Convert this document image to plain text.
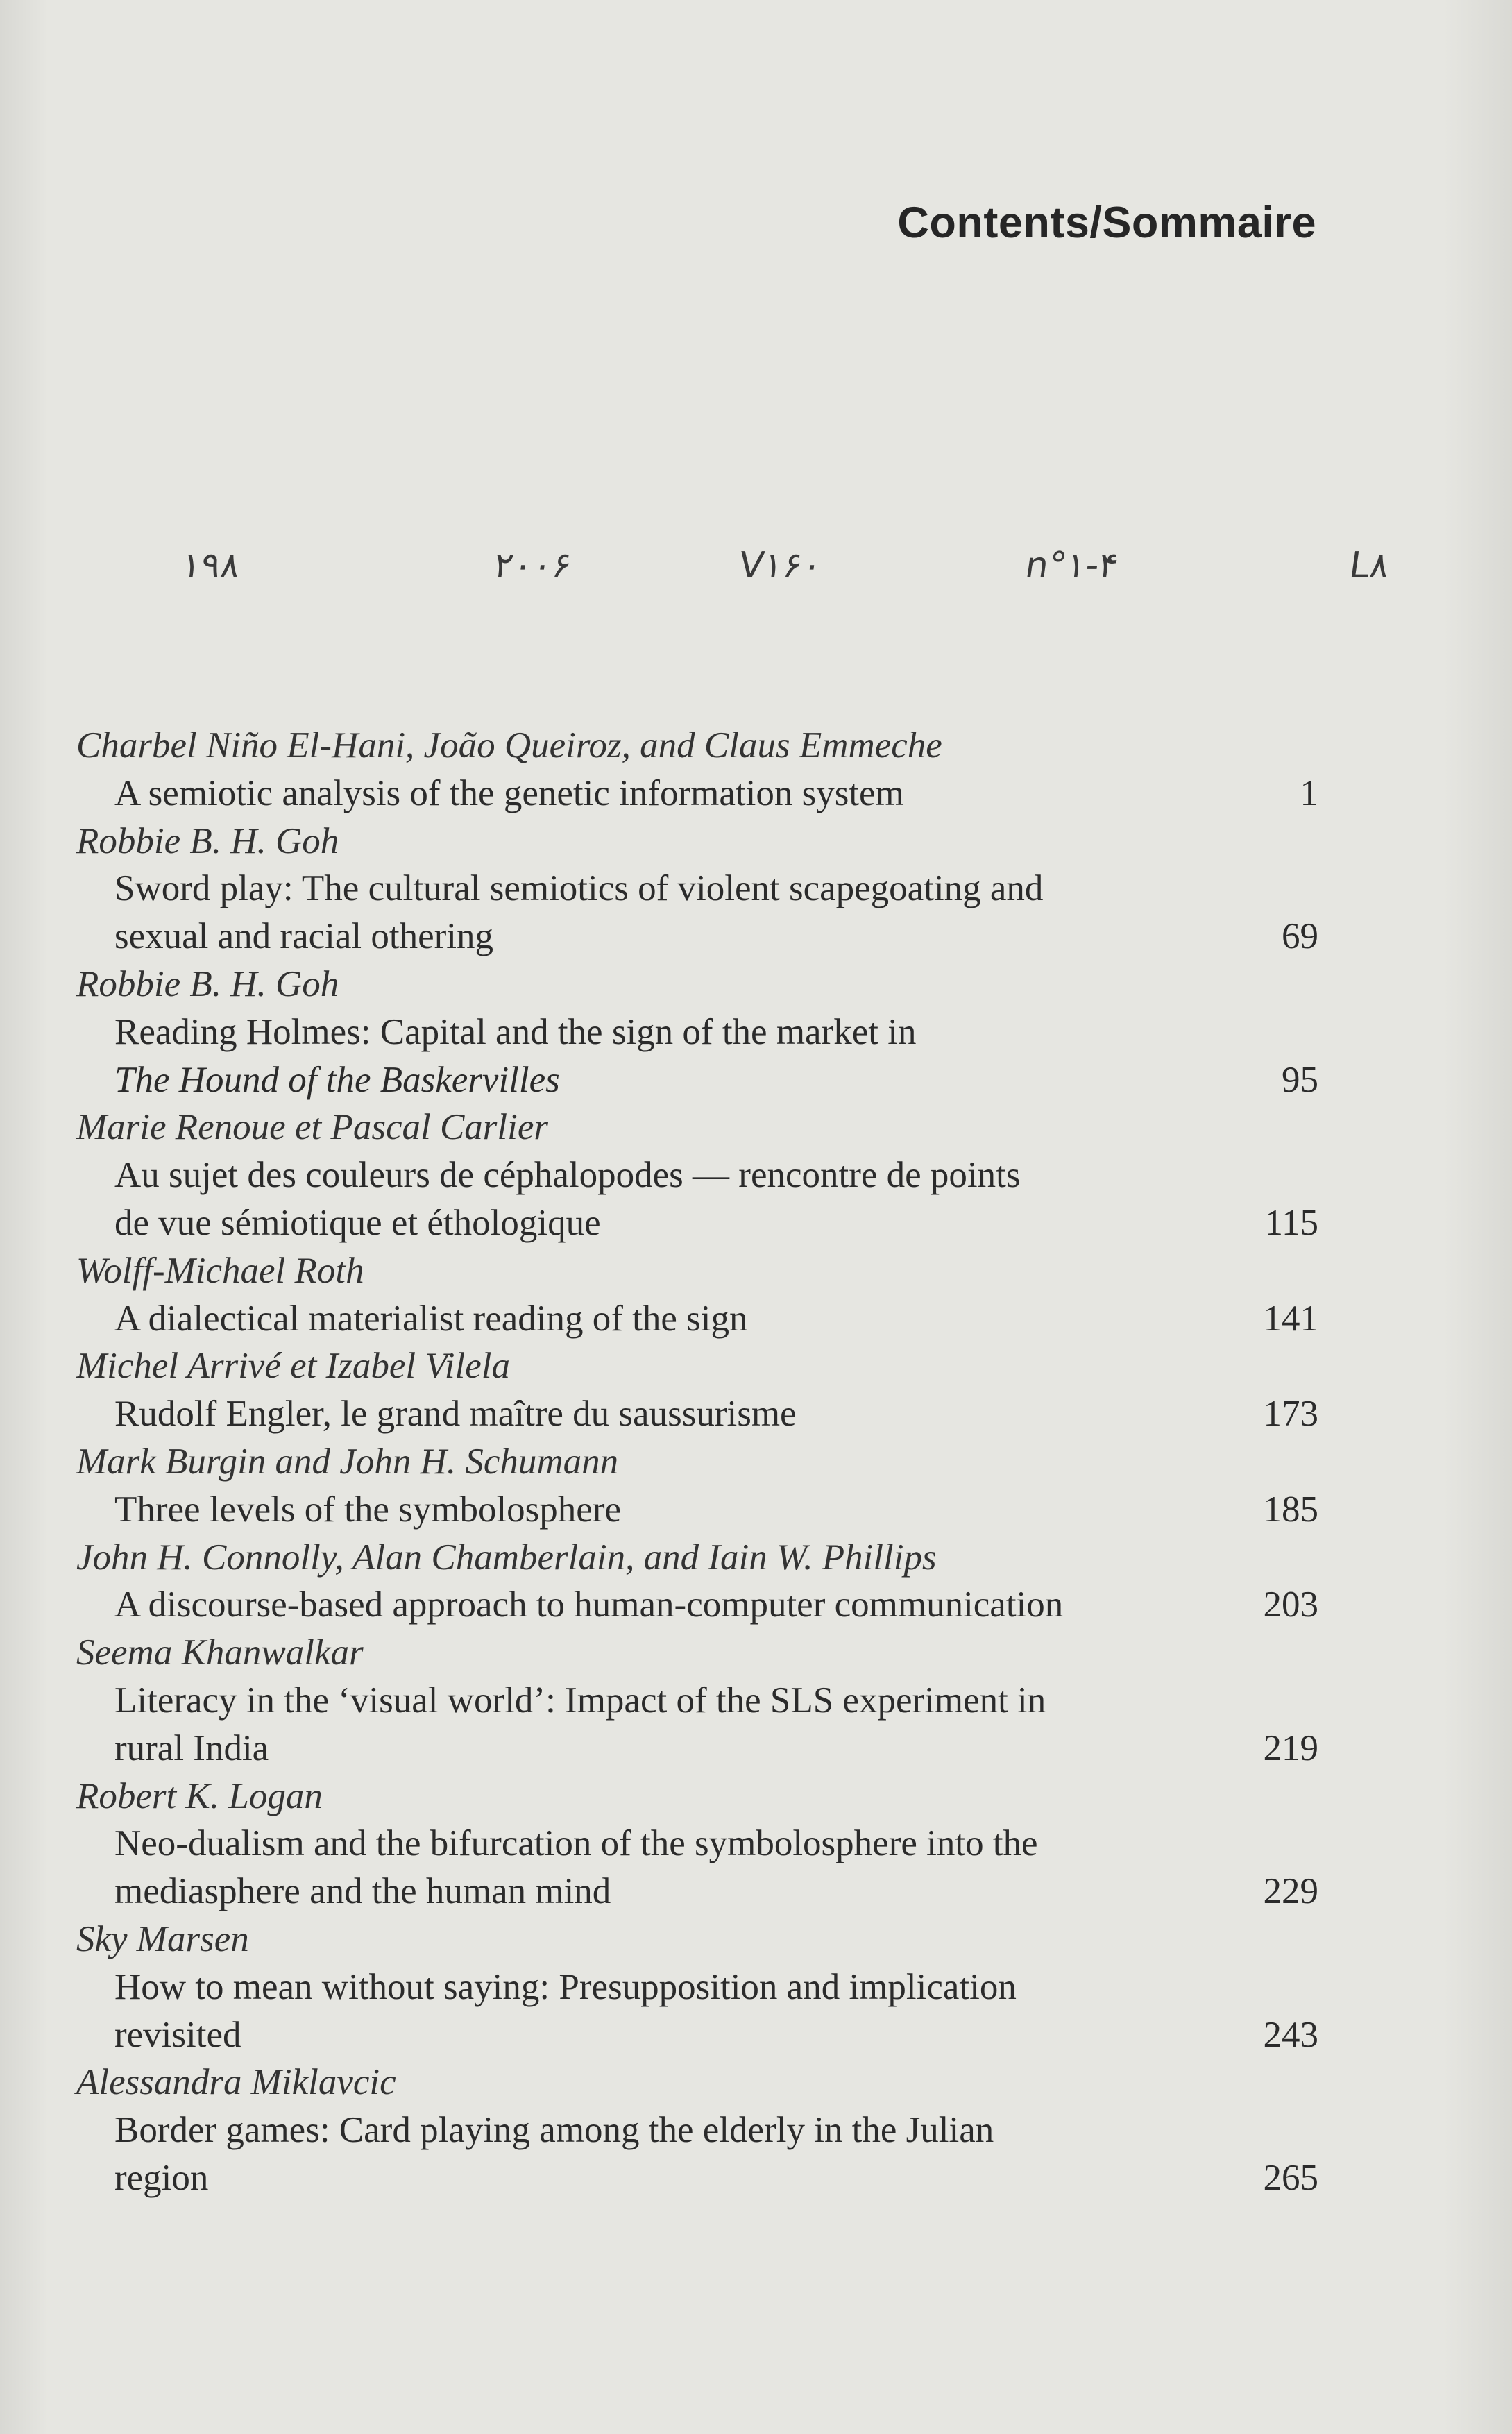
Contents/Sommaire
۱۹۸	۲۰۰۶	V۱۶۰	n°۱-۴	L۸
Charbel Niño El-Hani, João Queiroz, and Claus Emmeche
A semiotic analysis of the genetic information system	1
Robbie B. H. Goh
Sword play: The cultural semiotics of violent scapegoating and
sexual and racial othering	69
Robbie B. H. Goh
Reading Holmes: Capital and the sign of the market in
The Hound of the Baskervilles	95
Marie Renoue et Pascal Carlier
Au sujet des couleurs de céphalopodes — rencontre de points
de vue sémiotique et éthologique	115
Wolff-Michael Roth
A dialectical materialist reading of the sign	141
Michel Arrivé et Izabel Vilela
Rudolf Engler, le grand maître du saussurisme	173
Mark Burgin and John H. Schumann
Three levels of the symbolosphere	185
John H. Connolly, Alan Chamberlain, and Iain W. Phillips
A discourse-based approach to human-computer communication	203
Seema Khanwalkar
Literacy in the ‘visual world’: Impact of the SLS experiment in
rural India	219
Robert K. Logan
Neo-dualism and the bifurcation of the symbolosphere into the
mediasphere and the human mind	229
Sky Marsen
How to mean without saying: Presupposition and implication
revisited	243
Alessandra Miklavcic
Border games: Card playing among the elderly in the Julian
region	265
